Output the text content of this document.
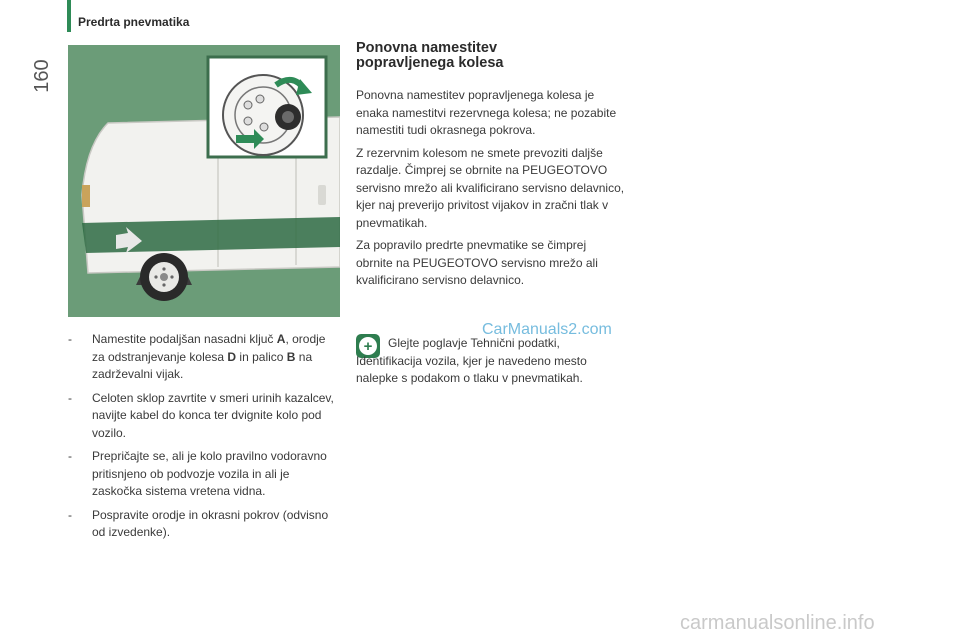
Predrta pnevmatika
160
Ponovna namestitev
popravljenega kolesa

Ponovna namestitev popravljenega kolesa je enaka namestitvi rezervnega kolesa; ne pozabite namestiti tudi okrasnega pokrova.

Z rezervnim kolesom ne smete prevoziti daljše razdalje. Čimprej se obrnite na PEUGEOTOVO servisno mrežo ali kvalificirano servisno delavnico, kjer naj preverijo privitost vijakov in zračni tlak v pnevmatikah.

Za popravilo predrte pnevmatike se čimprej obrnite na PEUGEOTOVO servisno mrežo ali kvalificirano servisno delavnico.

- Namestite podaljšan nasadni ključ A, orodje za odstranjevanje kolesa D in palico B na zadrževalni vijak.
- Celoten sklop zavrtite v smeri urinih kazalcev, navijte kabel do konca ter dvignite kolo pod vozilo.
- Prepričajte se, ali je kolo pravilno vodoravno pritisnjeno ob podvozje vozila in ali je zaskočka sistema vretena vidna.
- Pospravite orodje in okrasni pokrov (odvisno od izvedenke).
+	Glejte poglavje Tehnični podatki, Identifikacija vozila, kjer je navedeno mesto nalepke s podakom o tlaku v pnevmatikah.
CarManuals2.com
carmanualsonline.info
